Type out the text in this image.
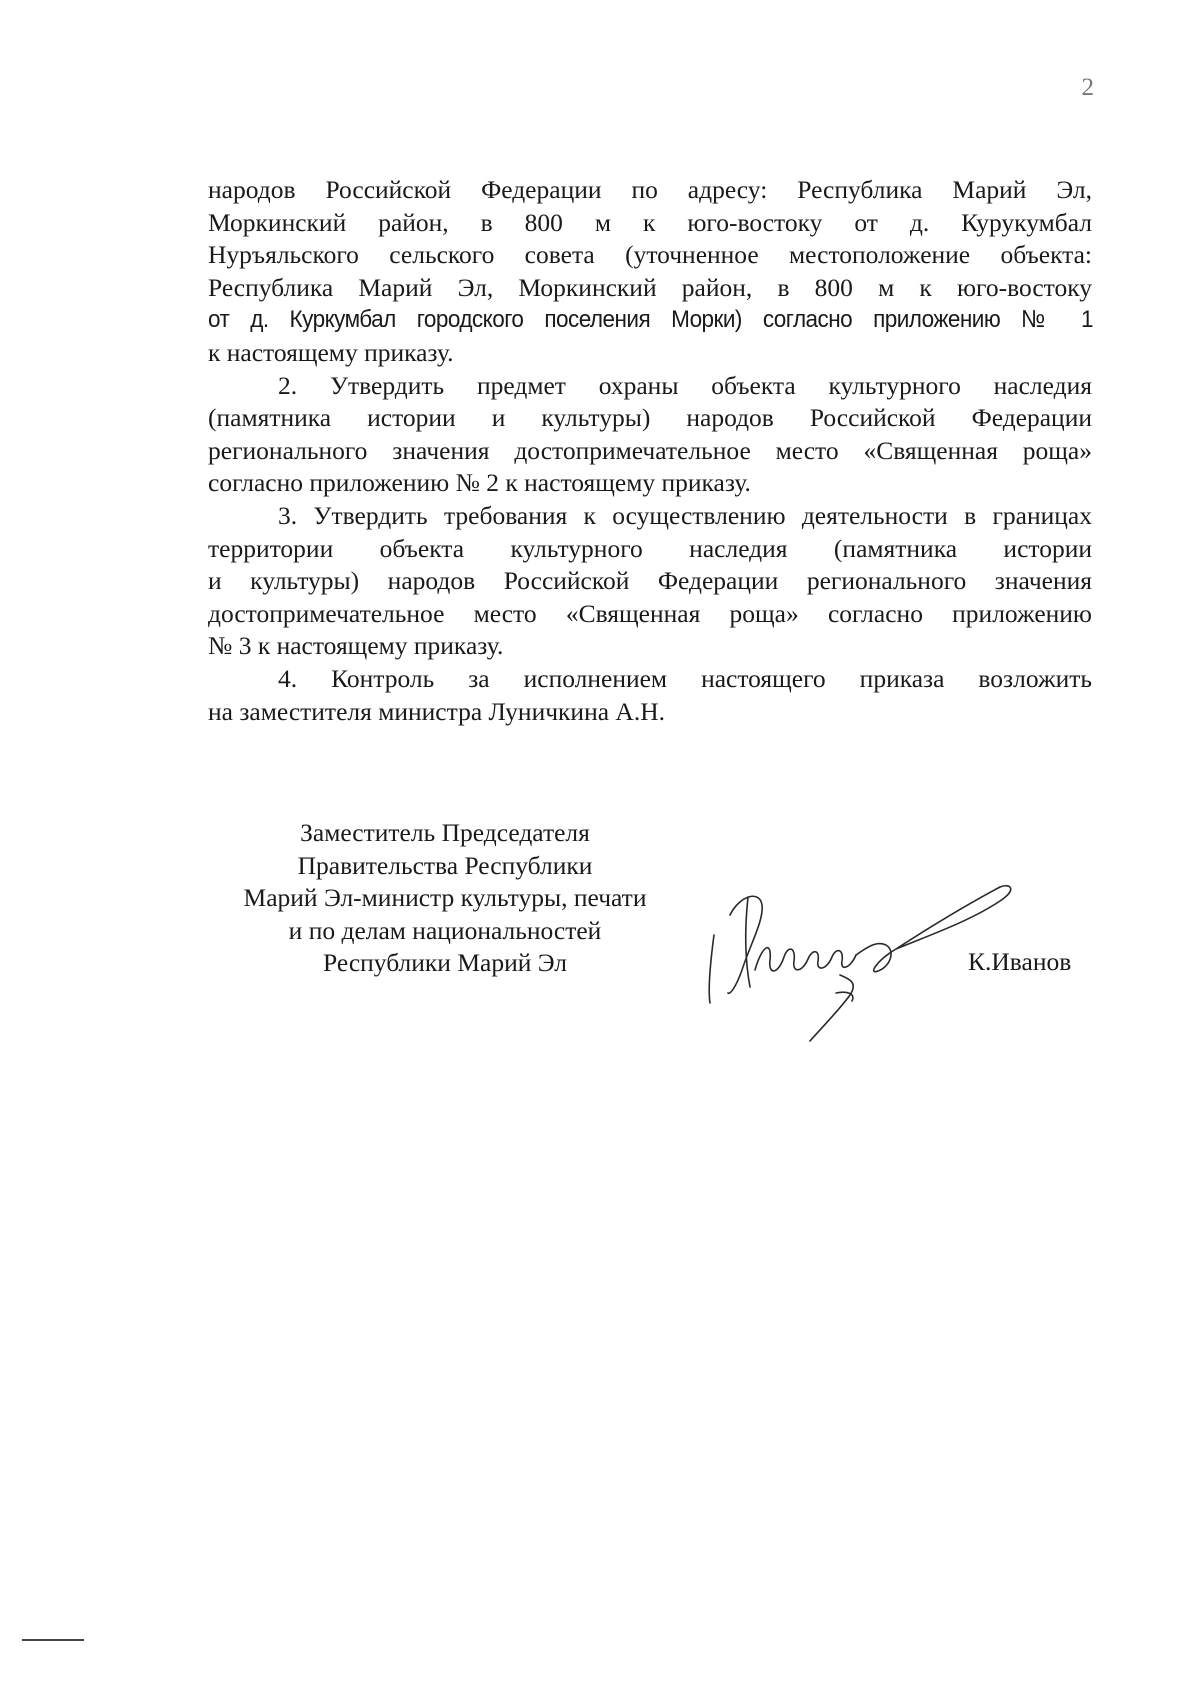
2
народов Российской Федерации по адресу: Республика Марий Эл,
Моркинский район, в 800 м к юго-востоку от д. Курукумбал
Нуръяльского сельского совета (уточненное местоположение объекта:
Республика Марий Эл, Моркинский район, в 800 м к юго-востоку
от д. Куркумбал городского поселения Морки) согласно приложению № 1
к настоящему приказу.
2. Утвердить предмет охраны объекта культурного наследия
(памятника истории и культуры) народов Российской Федерации
регионального значения достопримечательное место «Священная роща»
согласно приложению № 2 к настоящему приказу.
3. Утвердить требования к осуществлению деятельности в границах
территории объекта культурного наследия (памятника истории
и культуры) народов Российской Федерации регионального значения
достопримечательное место «Священная роща» согласно приложению
№ 3 к настоящему приказу.
4. Контроль за исполнением настоящего приказа возложить
на заместителя министра Луничкина А.Н.
Заместитель Председателя
Правительства Республики
Марий Эл-министр культуры, печати
и по делам национальностей
Республики Марий Эл	К.Иванов
